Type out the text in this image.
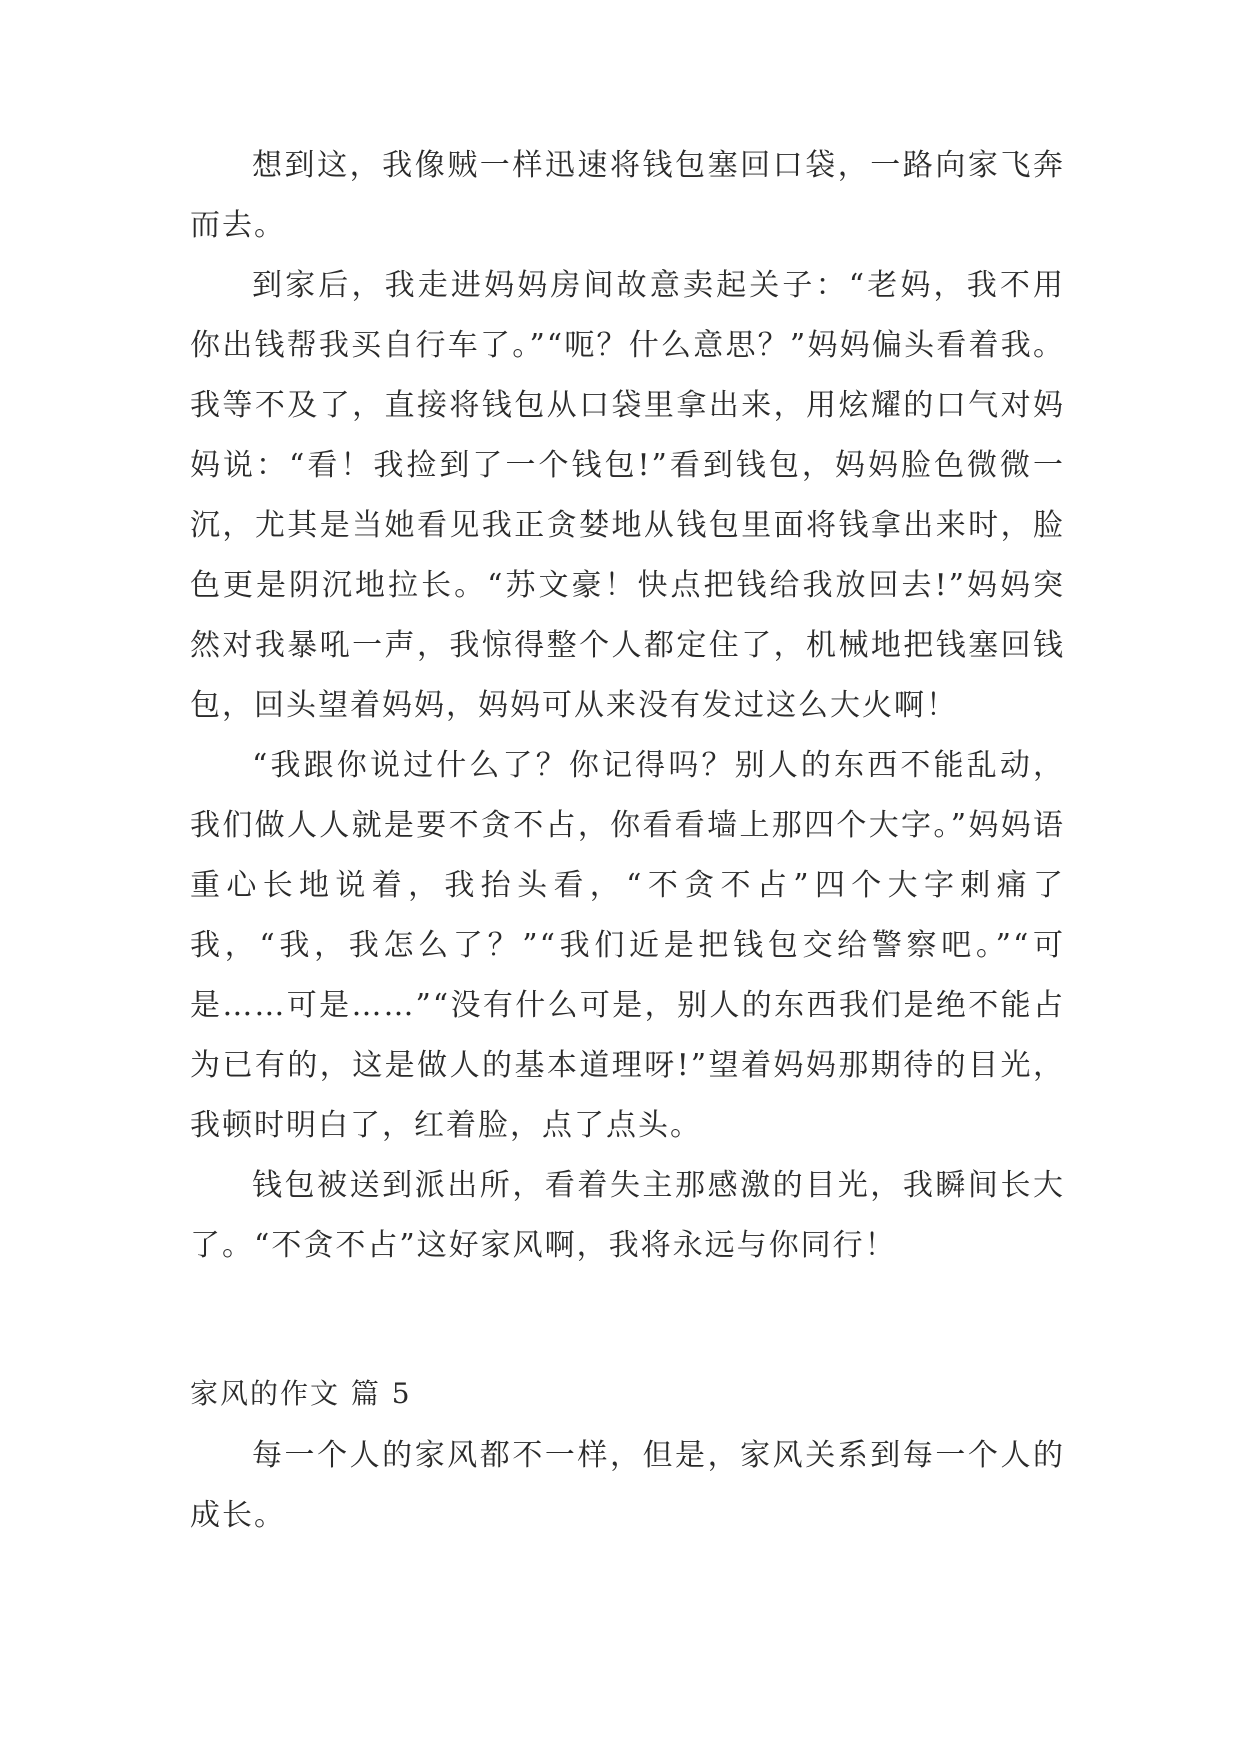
想到这，我像贼一样迅速将钱包塞回口袋，一路向家飞奔而去。

到家后，我走进妈妈房间故意卖起关子：“老妈，我不用你出钱帮我买自行车了。”“呃？什么意思？”妈妈偏头看着我。我等不及了，直接将钱包从口袋里拿出来，用炫耀的口气对妈妈说：“看！我捡到了一个钱包!”看到钱包，妈妈脸色微微一沉，尤其是当她看见我正贪婪地从钱包里面将钱拿出来时，脸色更是阴沉地拉长。“苏文豪！快点把钱给我放回去!”妈妈突然对我暴吼一声，我惊得整个人都定住了，机械地把钱塞回钱包，回头望着妈妈，妈妈可从来没有发过这么大火啊！

“我跟你说过什么了？你记得吗？别人的东西不能乱动，我们做人人就是要不贪不占，你看看墙上那四个大字。”妈妈语重心长地说着，我抬头看，“不贪不占”四个大字刺痛了我，“我，我怎么了？”“我们近是把钱包交给警察吧。”“可是……可是……”“没有什么可是，别人的东西我们是绝不能占为已有的，这是做人的基本道理呀!”望着妈妈那期待的目光，我顿时明白了，红着脸，点了点头。

钱包被送到派出所，看着失主那感激的目光，我瞬间长大了。“不贪不占”这好家风啊，我将永远与你同行！

家风的作文 篇 5

每一个人的家风都不一样，但是，家风关系到每一个人的成长。
